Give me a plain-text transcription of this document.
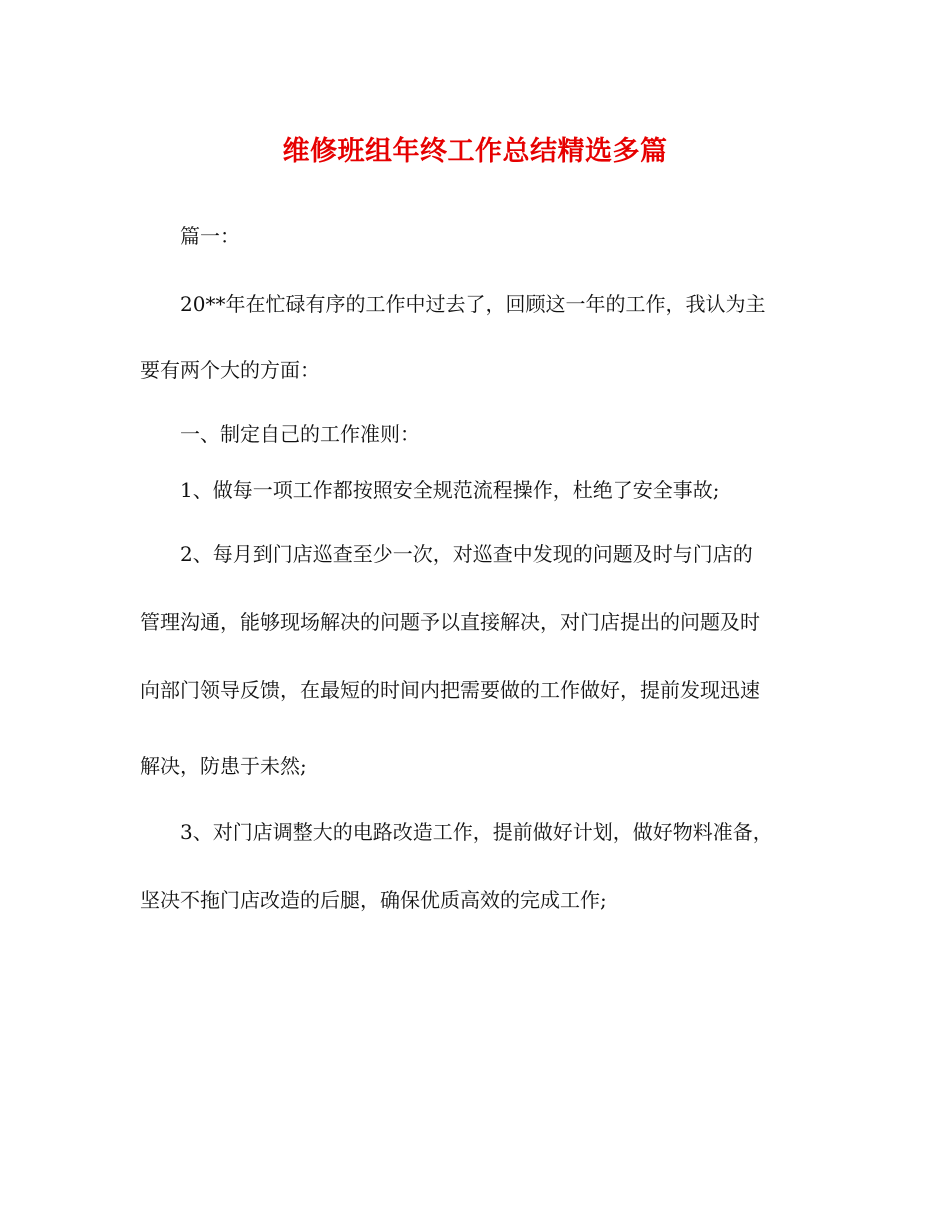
维修班组年终工作总结精选多篇
篇一：
20**年在忙碌有序的工作中过去了，回顾这一年的工作，我认为主
要有两个大的方面：
一、制定自己的工作准则：
1、做每一项工作都按照安全规范流程操作，杜绝了安全事故;
2、每月到门店巡查至少一次，对巡查中发现的问题及时与门店的
管理沟通，能够现场解决的问题予以直接解决，对门店提出的问题及时
向部门领导反馈，在最短的时间内把需要做的工作做好，提前发现迅速
解决，防患于未然;
3、对门店调整大的电路改造工作，提前做好计划，做好物料准备，
坚决不拖门店改造的后腿，确保优质高效的完成工作;
